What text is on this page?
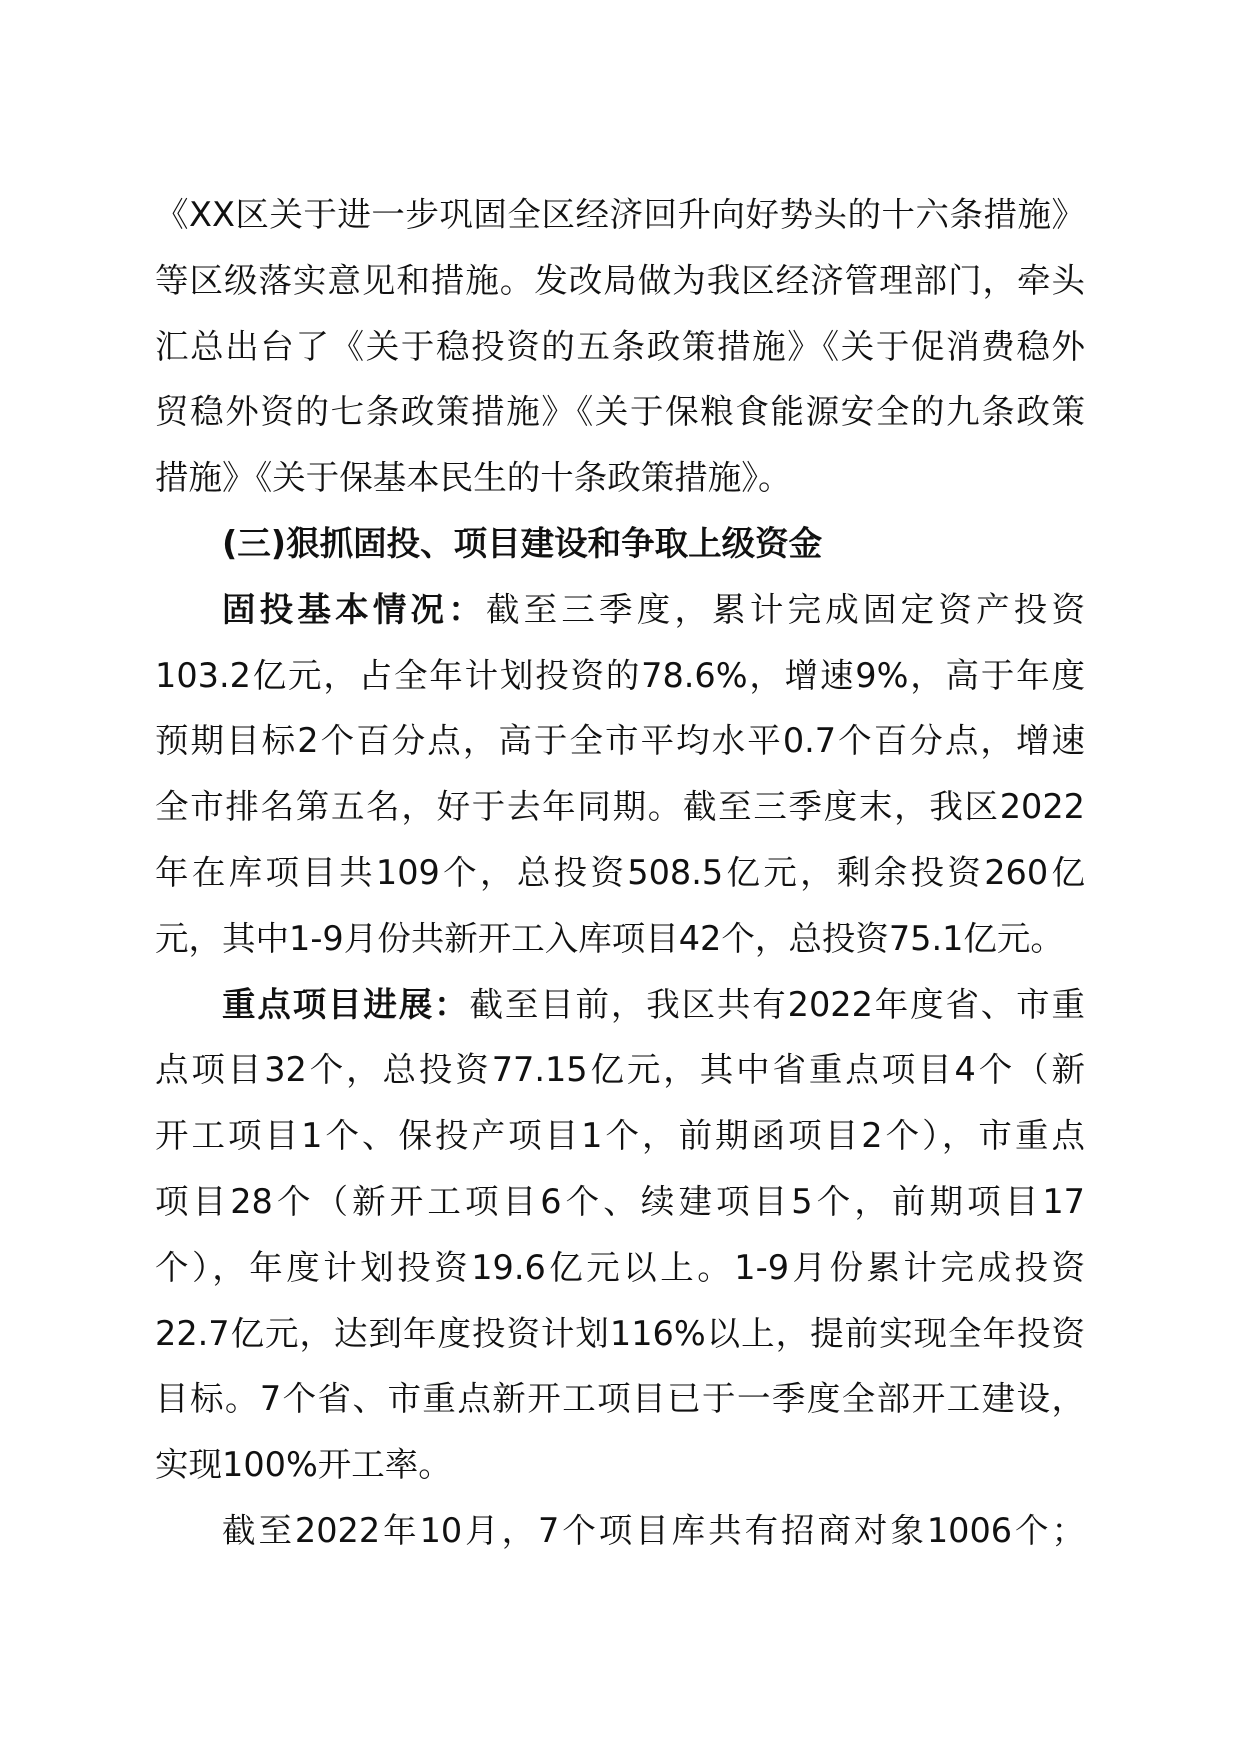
《XX区关于进一步巩固全区经济回升向好势头的十六条措施》
等区级落实意见和措施。发改局做为我区经济管理部门，牵头
汇总出台了《关于稳投资的五条政策措施》《关于促消费稳外
贸稳外资的七条政策措施》《关于保粮食能源安全的九条政策
措施》《关于保基本民生的十条政策措施》。
(三)狠抓固投、项目建设和争取上级资金
固投基本情况：截至三季度，累计完成固定资产投资
103.2亿元，占全年计划投资的78.6%，增速9%，高于年度
预期目标2个百分点，高于全市平均水平0.7个百分点，增速
全市排名第五名，好于去年同期。截至三季度末，我区2022
年在库项目共109个，总投资508.5亿元，剩余投资260亿
元，其中1-9月份共新开工入库项目42个，总投资75.1亿元。
重点项目进展：截至目前，我区共有2022年度省、市重
点项目32个，总投资77.15亿元，其中省重点项目4个（新
开工项目1个、保投产项目1个，前期函项目2个），市重点
项目28个（新开工项目6个、续建项目5个，前期项目17
个），年度计划投资19.6亿元以上。1-9月份累计完成投资
22.7亿元，达到年度投资计划116%以上，提前实现全年投资
目标。7个省、市重点新开工项目已于一季度全部开工建设，
实现100%开工率。
截至2022年10月，7个项目库共有招商对象1006个；
